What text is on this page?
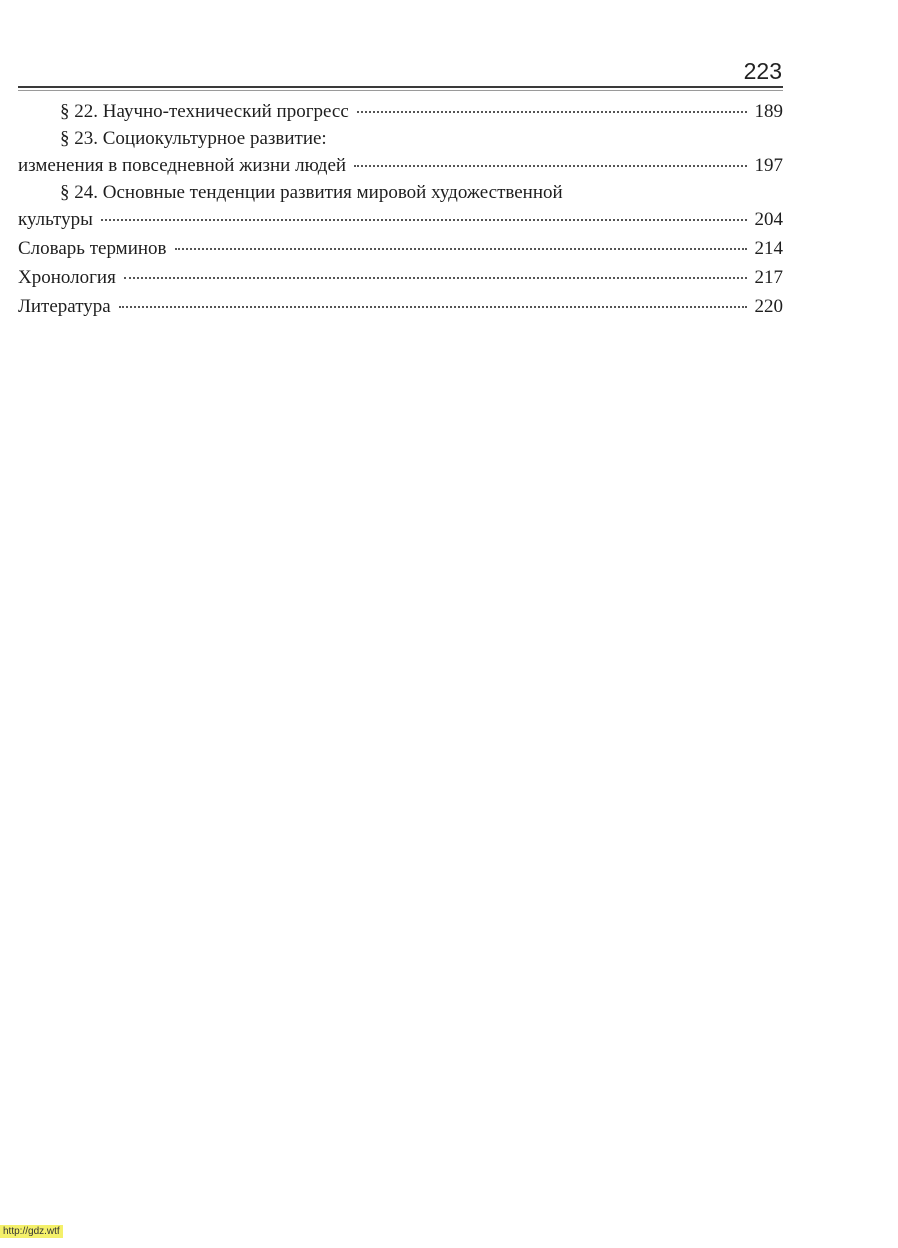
223
§ 22. Научно-технический прогресс	189
§ 23. Социокультурное развитие:
изменения в повседневной жизни людей	197
§ 24. Основные тенденции развития мировой художественной
культуры	204
Словарь терминов	214
Хронология	217
Литература	220
http://gdz.wtf
